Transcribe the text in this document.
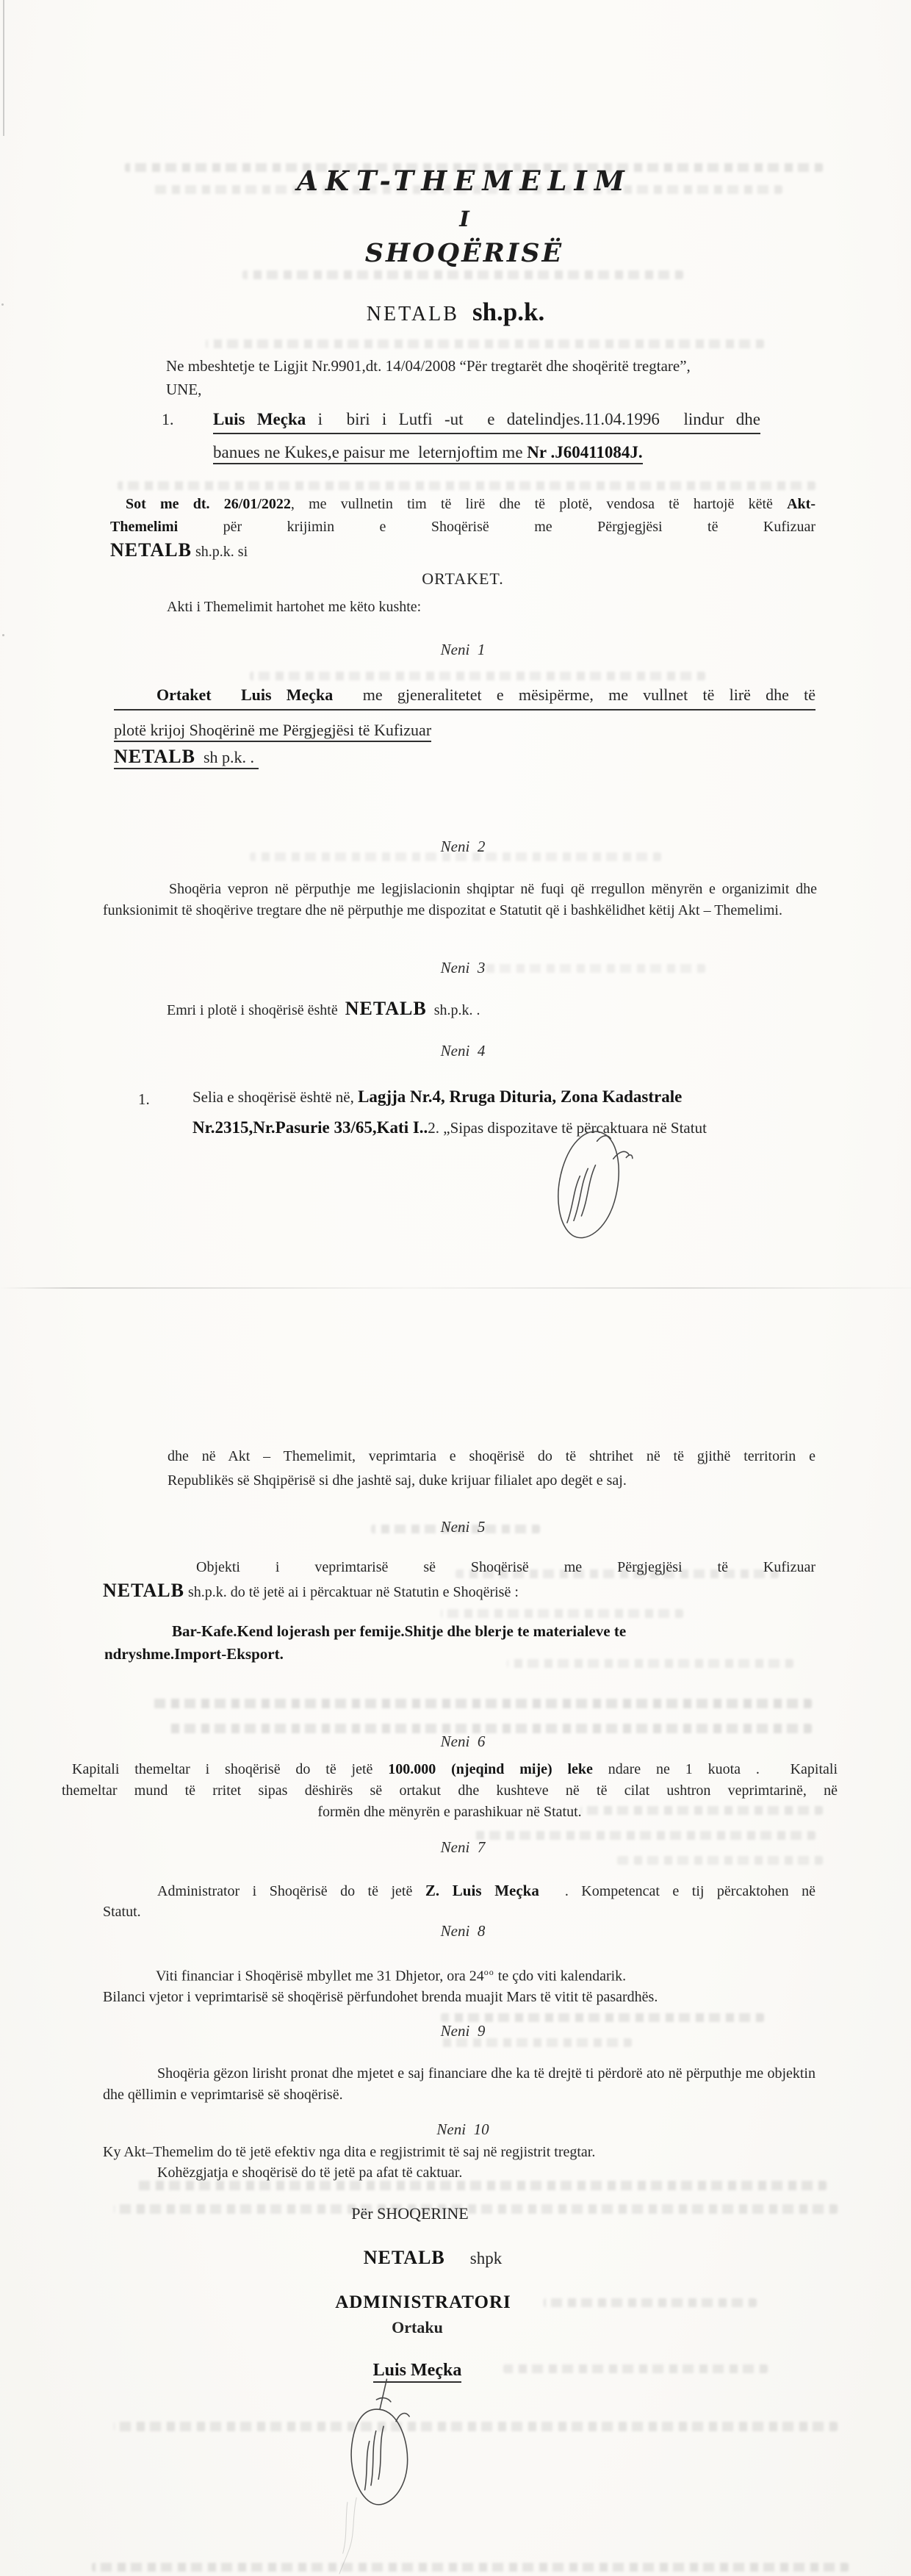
AKT-THEMELIM
I
SHOQËRISË
NETALB sh.p.k.
Ne mbeshtetje te Ligjit Nr.9901,dt. 14/04/2008 “Për tregtarët dhe shoqëritë tregtare”,
UNE,
1. Luis Meçka i  biri i Lutfi -ut  e datelindjes.11.04.1996  lindur dhe
banues ne Kukes,e paisur me  leternjoftim me Nr .J60411084J.
Sot me dt. 26/01/2022, me vullnetin tim të lirë dhe të plotë, vendosa të hartojë këtë Akt-
Themelimi për krijimin e Shoqërisë me Përgjegjësi të Kufizuar
NETALB sh.p.k. si
ORTAKET.
Akti i Themelimit hartohet me këto kushte:
Neni  1
Ortaket  Luis Meçka  me gjeneralitetet e mësipërme, me vullnet të lirë dhe të
plotë krijoj Shoqërinë me Përgjegjësi të Kufizuar
NETALB  sh p.k. .
Neni  2

Shoqëria vepron në përputhje me legjislacionin shqiptar në fuqi që rregullon mënyrën e organizimit dhe funksionimit të shoqërive tregtare dhe në përputhje me dispozitat e Statutit që i bashkëlidhet këtij Akt – Themelimi.

Neni  3
Emri i plotë i shoqërisë është NETALB sh.p.k. .
Neni  4
1.	Selia e shoqërisë është në, Lagjja Nr.4, Rruga Dituria, Zona Kadastrale
Nr.2315,Nr.Pasurie 33/65,Kati I..2. „Sipas dispozitave të përcaktuara në Statut
dhe në Akt – Themelimit, veprimtaria e shoqërisë do të shtrihet në të gjithë territorin e
Republikës së Shqipërisë si dhe jashtë saj, duke krijuar filialet apo degët e saj.
Neni  5
Objekti i veprimtarisë së Shoqërisë me Përgjegjësi të Kufizuar
NETALB sh.p.k. do të jetë ai i përcaktuar në Statutin e Shoqërisë :
Bar-Kafe.Kend lojerash per femije.Shitje dhe blerje te materialeve te
ndryshme.Import-Eksport.
Neni  6
Kapitali themeltar i shoqërisë do të jetë 100.000 (njeqind mije) leke ndare ne 1 kuota .  Kapitali
themeltar mund të rritet sipas dëshirës së ortakut dhe kushteve në të cilat ushtron veprimtarinë, në
formën dhe mënyrën e parashikuar në Statut.
Neni  7
Administrator i Shoqërisë do të jetë Z. Luis Meçka  . Kompetencat e tij përcaktohen në
Statut.
Neni  8
Viti financiar i Shoqërisë mbyllet me 31 Dhjetor, ora $24^{oo}$ te çdo viti kalendarik.
Bilanci vjetor i veprimtarisë së shoqërisë përfundohet brenda muajit Mars të vitit të pasardhës.
Neni  9

Shoqëria gëzon lirisht pronat dhe mjetet e saj financiare dhe ka të drejtë ti përdorë ato në përputhje me objektin dhe qëllimin e veprimtarisë së shoqërisë.

Neni  10
Ky Akt–Themelim do të jetë efektiv nga dita e regjistrimit të saj në regjistrit tregtar.
Kohëzgjatja e shoqërisë do të jetë pa afat të caktuar.
Për SHOQERINE
NETALB shpk
ADMINISTRATORI
Ortaku
Luis Meçka
